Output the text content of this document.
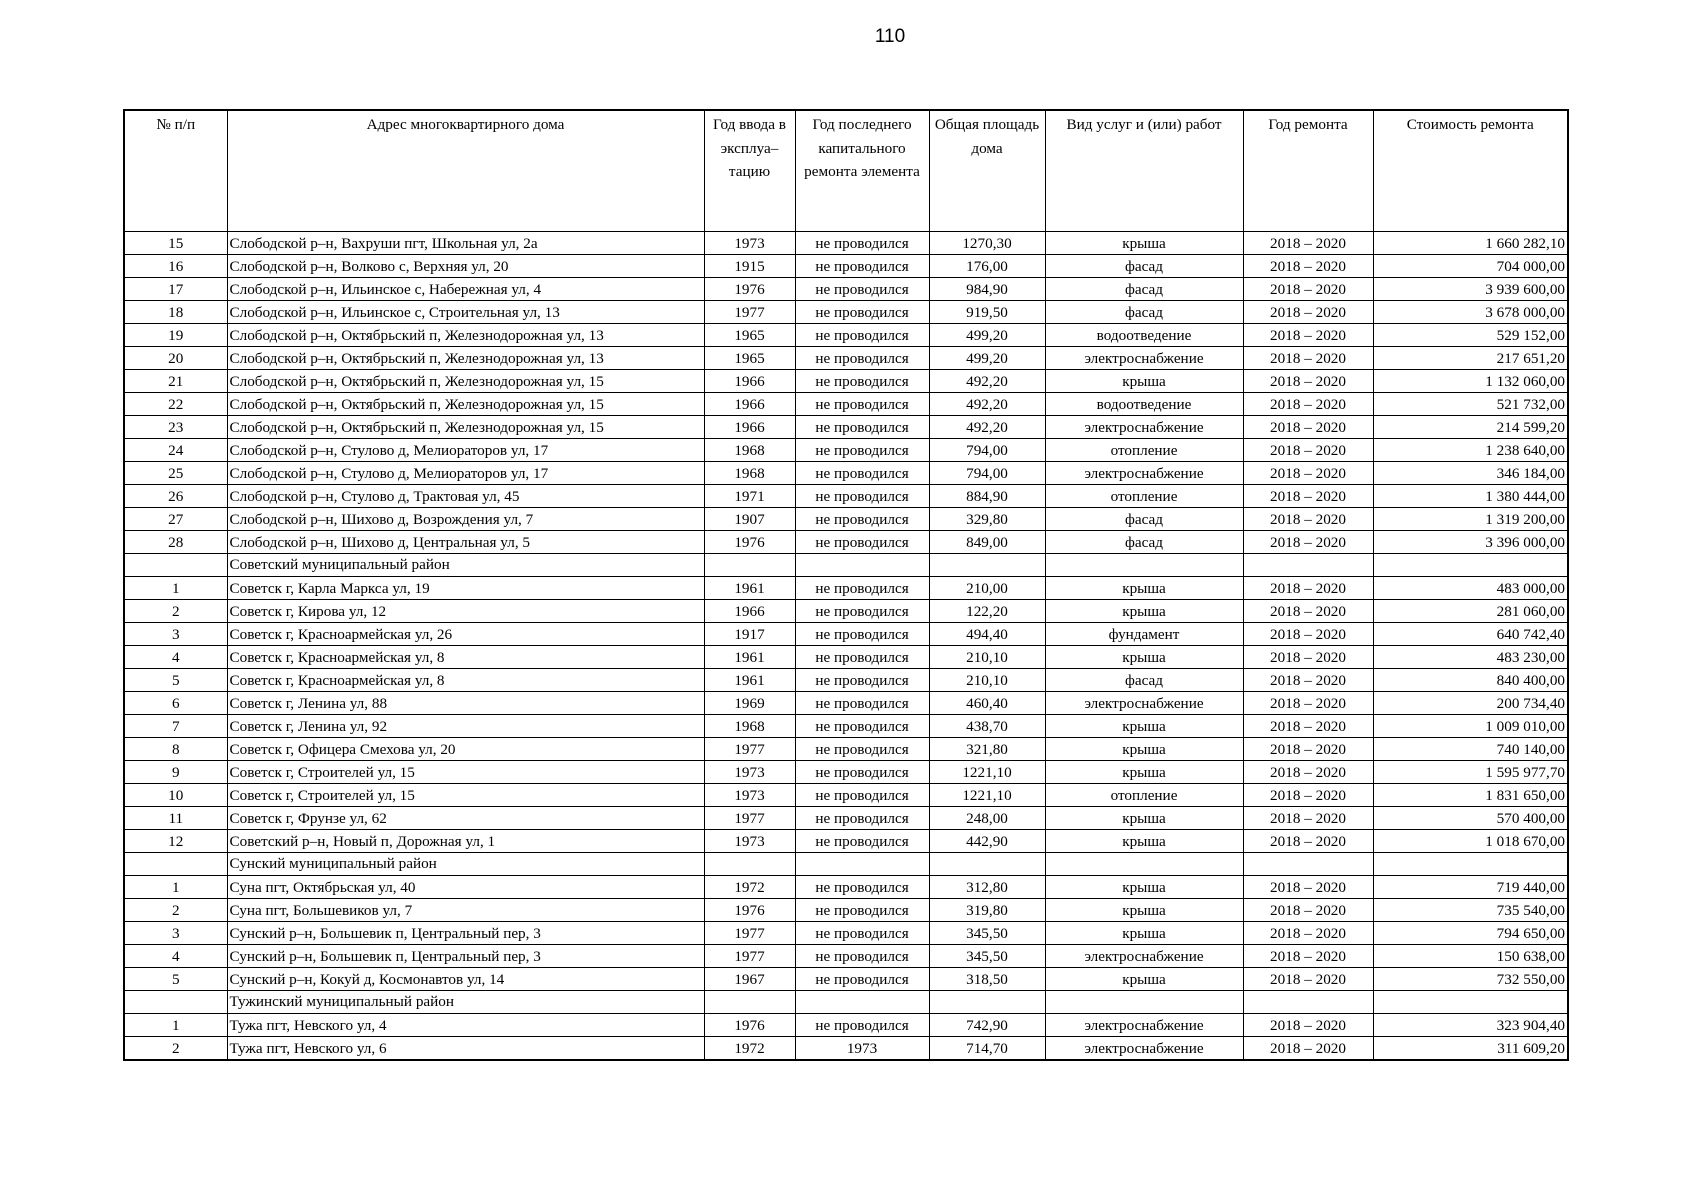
110
№ п/п	Адрес многоквартирного дома	Год ввода в эксплуа– тацию	Год последнего капитального ремонта элемента	Общая площадь дома	Вид услуг и (или) работ	Год ремонта	Стоимость ремонта
15	Слободской р–н, Вахруши пгт, Школьная ул, 2а	1973	не проводился	1270,30	крыша	2018 – 2020	1 660 282,10
16	Слободской р–н, Волково с, Верхняя ул, 20	1915	не проводился	176,00	фасад	2018 – 2020	704 000,00
17	Слободской р–н, Ильинское с, Набережная ул, 4	1976	не проводился	984,90	фасад	2018 – 2020	3 939 600,00
18	Слободской р–н, Ильинское с, Строительная ул, 13	1977	не проводился	919,50	фасад	2018 – 2020	3 678 000,00
19	Слободской р–н, Октябрьский п, Железнодорожная ул, 13	1965	не проводился	499,20	водоотведение	2018 – 2020	529 152,00
20	Слободской р–н, Октябрьский п, Железнодорожная ул, 13	1965	не проводился	499,20	электроснабжение	2018 – 2020	217 651,20
21	Слободской р–н, Октябрьский п, Железнодорожная ул, 15	1966	не проводился	492,20	крыша	2018 – 2020	1 132 060,00
22	Слободской р–н, Октябрьский п, Железнодорожная ул, 15	1966	не проводился	492,20	водоотведение	2018 – 2020	521 732,00
23	Слободской р–н, Октябрьский п, Железнодорожная ул, 15	1966	не проводился	492,20	электроснабжение	2018 – 2020	214 599,20
24	Слободской р–н, Стулово д, Мелиораторов ул, 17	1968	не проводился	794,00	отопление	2018 – 2020	1 238 640,00
25	Слободской р–н, Стулово д, Мелиораторов ул, 17	1968	не проводился	794,00	электроснабжение	2018 – 2020	346 184,00
26	Слободской р–н, Стулово д, Трактовая ул, 45	1971	не проводился	884,90	отопление	2018 – 2020	1 380 444,00
27	Слободской р–н, Шихово д, Возрождения ул, 7	1907	не проводился	329,80	фасад	2018 – 2020	1 319 200,00
28	Слободской р–н, Шихово д, Центральная ул, 5	1976	не проводился	849,00	фасад	2018 – 2020	3 396 000,00
	Советский муниципальный район						
1	Советск г, Карла Маркса ул, 19	1961	не проводился	210,00	крыша	2018 – 2020	483 000,00
2	Советск г, Кирова ул, 12	1966	не проводился	122,20	крыша	2018 – 2020	281 060,00
3	Советск г, Красноармейская ул, 26	1917	не проводился	494,40	фундамент	2018 – 2020	640 742,40
4	Советск г, Красноармейская ул, 8	1961	не проводился	210,10	крыша	2018 – 2020	483 230,00
5	Советск г, Красноармейская ул, 8	1961	не проводился	210,10	фасад	2018 – 2020	840 400,00
6	Советск г, Ленина ул, 88	1969	не проводился	460,40	электроснабжение	2018 – 2020	200 734,40
7	Советск г, Ленина ул, 92	1968	не проводился	438,70	крыша	2018 – 2020	1 009 010,00
8	Советск г, Офицера Смехова ул, 20	1977	не проводился	321,80	крыша	2018 – 2020	740 140,00
9	Советск г, Строителей ул, 15	1973	не проводился	1221,10	крыша	2018 – 2020	1 595 977,70
10	Советск г, Строителей ул, 15	1973	не проводился	1221,10	отопление	2018 – 2020	1 831 650,00
11	Советск г, Фрунзе ул, 62	1977	не проводился	248,00	крыша	2018 – 2020	570 400,00
12	Советский р–н, Новый п, Дорожная ул, 1	1973	не проводился	442,90	крыша	2018 – 2020	1 018 670,00
	Сунский муниципальный район						
1	Суна пгт, Октябрьская ул, 40	1972	не проводился	312,80	крыша	2018 – 2020	719 440,00
2	Суна пгт, Большевиков ул, 7	1976	не проводился	319,80	крыша	2018 – 2020	735 540,00
3	Сунский р–н, Большевик п, Центральный пер, 3	1977	не проводился	345,50	крыша	2018 – 2020	794 650,00
4	Сунский р–н, Большевик п, Центральный пер, 3	1977	не проводился	345,50	электроснабжение	2018 – 2020	150 638,00
5	Сунский р–н, Кокуй д, Космонавтов ул, 14	1967	не проводился	318,50	крыша	2018 – 2020	732 550,00
	Тужинский муниципальный район						
1	Тужа пгт, Невского ул, 4	1976	не проводился	742,90	электроснабжение	2018 – 2020	323 904,40
2	Тужа пгт, Невского ул, 6	1972	1973	714,70	электроснабжение	2018 – 2020	311 609,20
